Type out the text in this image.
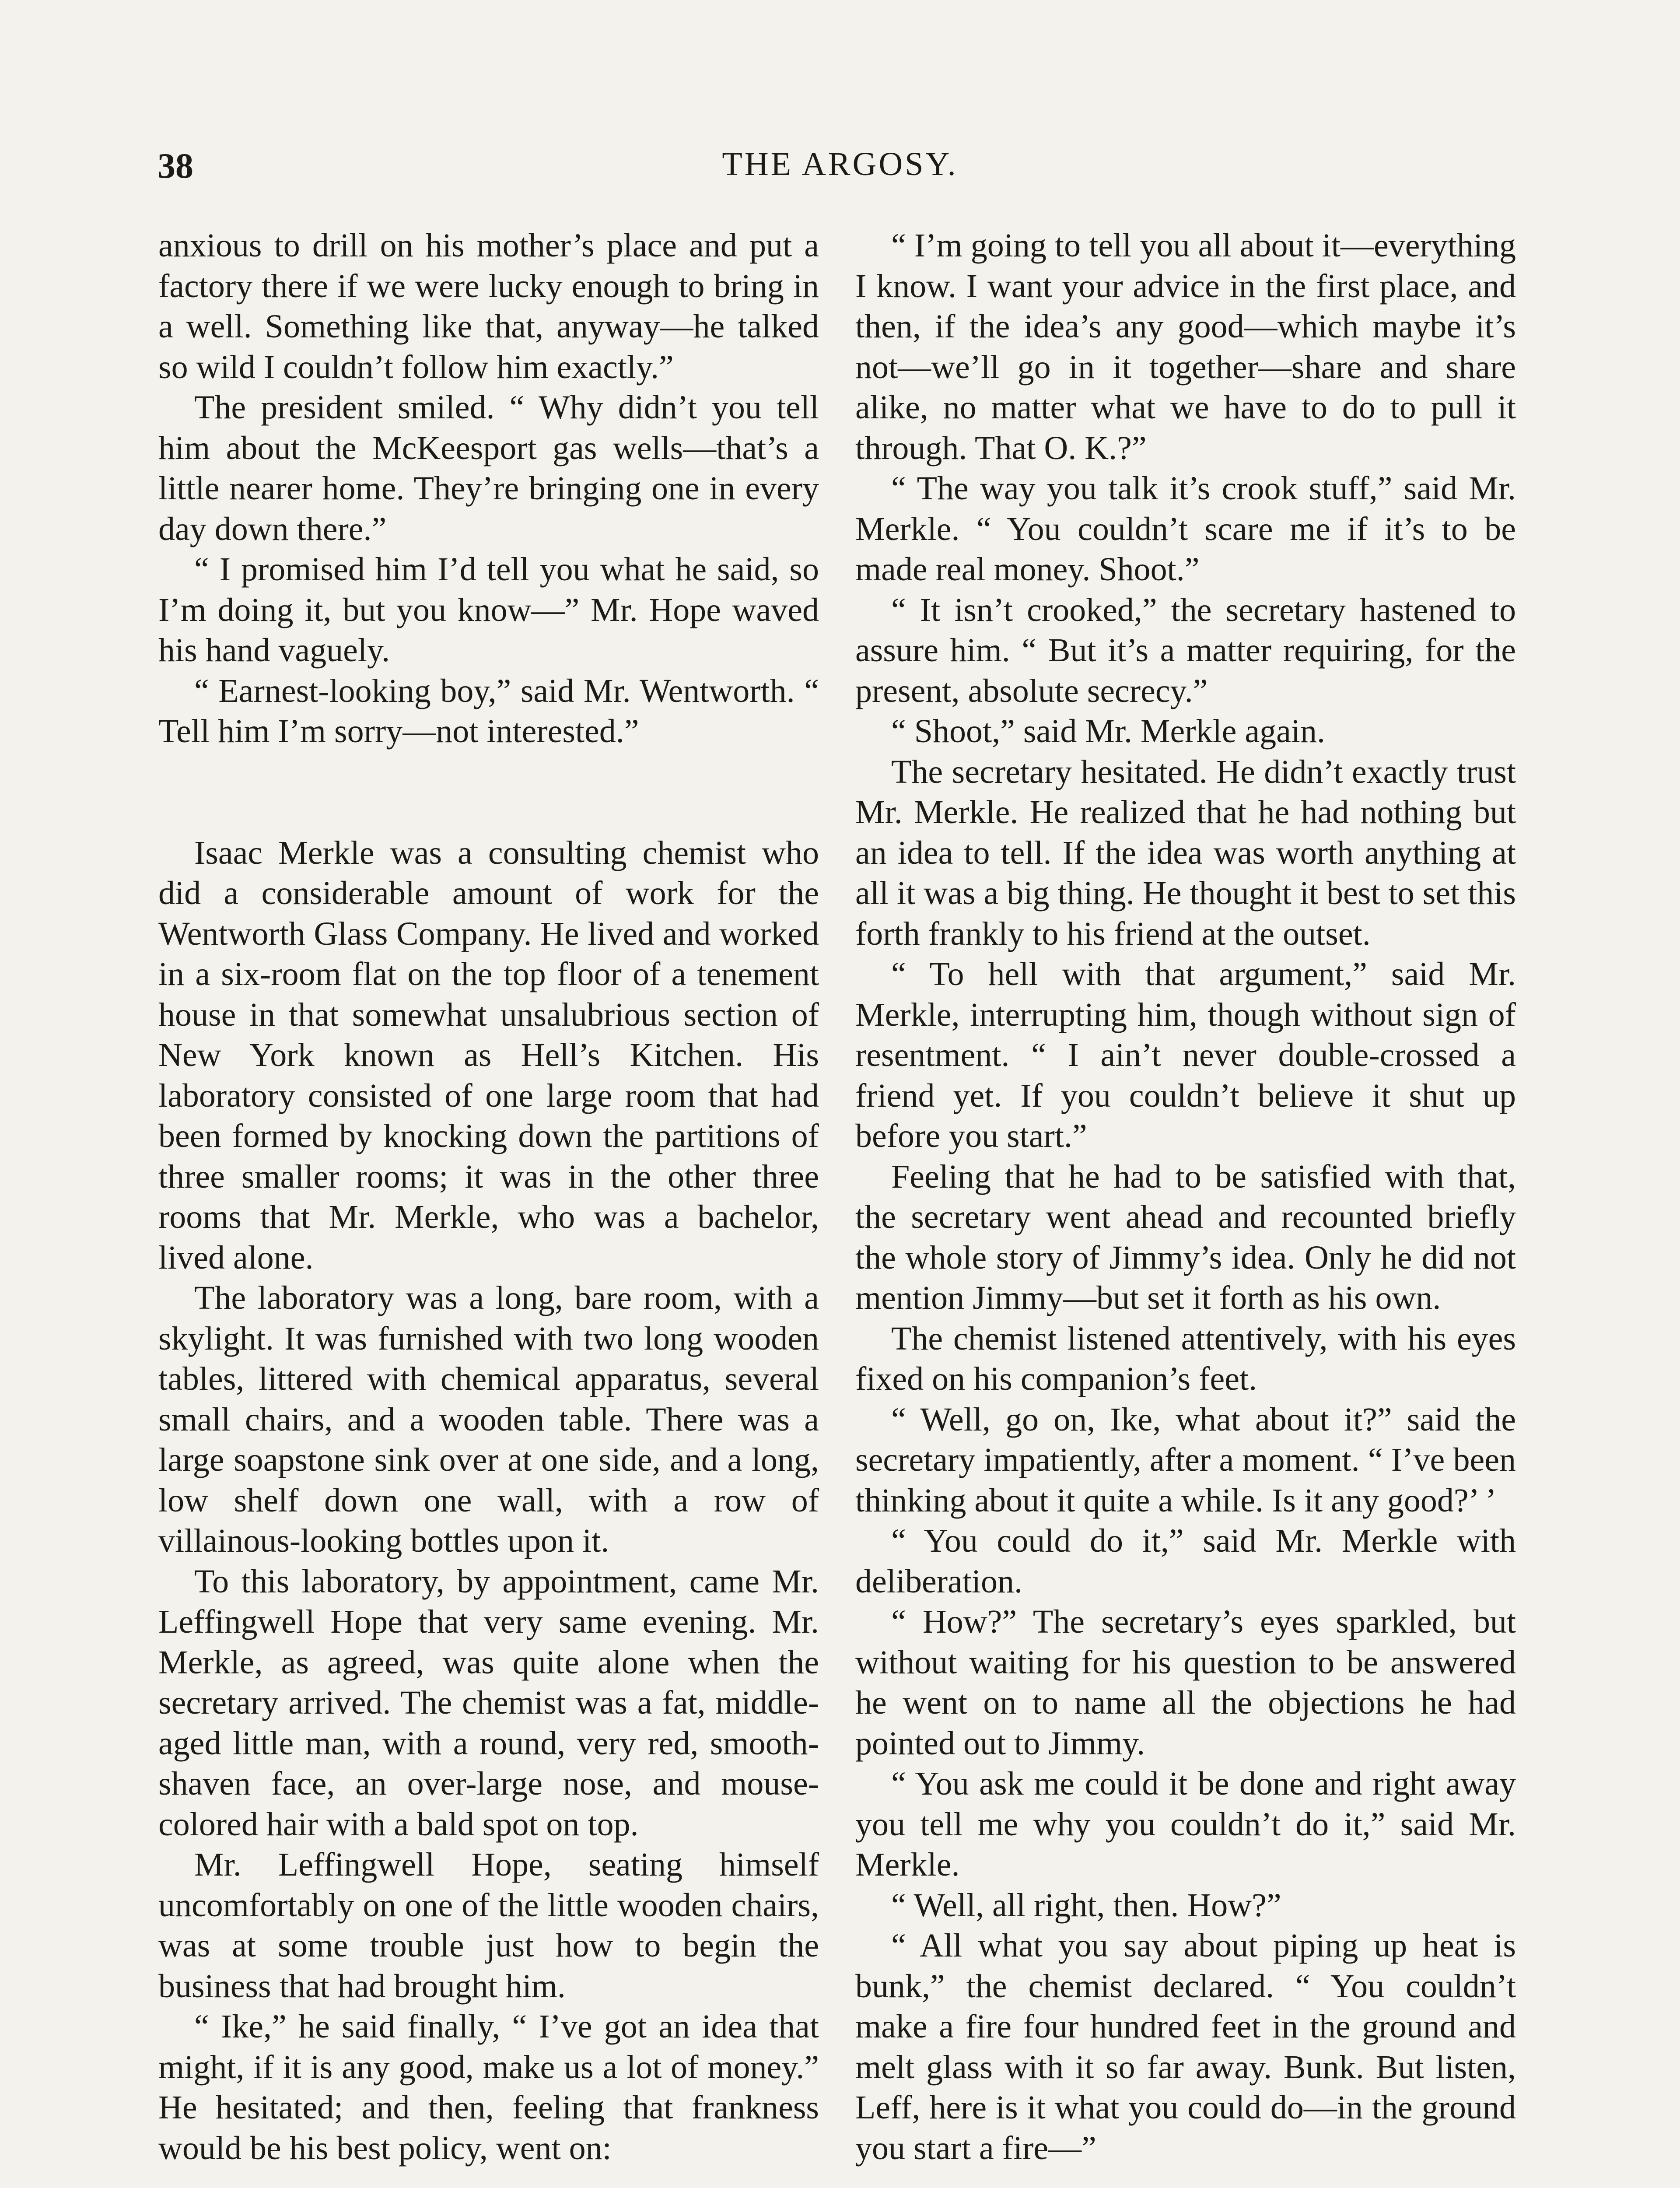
38	THE ARGOSY.

anxious to drill on his mother’s place and put a factory there if we were lucky enough to bring in a well. Something like that, anyway—he talked so wild I couldn’t follow him exactly.”

The president smiled. “ Why didn’t you tell him about the McKeesport gas wells—that’s a little nearer home. They’re bringing one in every day down there.”

“ I promised him I’d tell you what he said, so I’m doing it, but you know—” Mr. Hope waved his hand vaguely.

“ Earnest-looking boy,” said Mr. Wentworth. “ Tell him I’m sorry—not interested.”

Isaac Merkle was a consulting chemist who did a considerable amount of work for the Wentworth Glass Company. He lived and worked in a six-room flat on the top floor of a tenement house in that somewhat unsalubrious section of New York known as Hell’s Kitchen. His laboratory consisted of one large room that had been formed by knocking down the partitions of three smaller rooms; it was in the other three rooms that Mr. Merkle, who was a bachelor, lived alone.

The laboratory was a long, bare room, with a skylight. It was furnished with two long wooden tables, littered with chemical apparatus, several small chairs, and a wooden table. There was a large soapstone sink over at one side, and a long, low shelf down one wall, with a row of villainous-looking bottles upon it.

To this laboratory, by appointment, came Mr. Leffingwell Hope that very same evening. Mr. Merkle, as agreed, was quite alone when the secretary arrived. The chemist was a fat, middle-aged little man, with a round, very red, smooth-shaven face, an over-large nose, and mouse-colored hair with a bald spot on top.

Mr. Leffingwell Hope, seating himself uncomfortably on one of the little wooden chairs, was at some trouble just how to begin the business that had brought him.

“ Ike,” he said finally, “ I’ve got an idea that might, if it is any good, make us a lot of money.” He hesitated; and then, feeling that frankness would be his best policy, went on:

“ I’m going to tell you all about it—everything I know. I want your advice in the first place, and then, if the idea’s any good—which maybe it’s not—we’ll go in it together—share and share alike, no matter what we have to do to pull it through. That O. K.?”

“ The way you talk it’s crook stuff,” said Mr. Merkle. “ You couldn’t scare me if it’s to be made real money. Shoot.”

“ It isn’t crooked,” the secretary hastened to assure him. “ But it’s a matter requiring, for the present, absolute secrecy.”

“ Shoot,” said Mr. Merkle again.

The secretary hesitated. He didn’t exactly trust Mr. Merkle. He realized that he had nothing but an idea to tell. If the idea was worth anything at all it was a big thing. He thought it best to set this forth frankly to his friend at the outset.

“ To hell with that argument,” said Mr. Merkle, interrupting him, though without sign of resentment. “ I ain’t never double-crossed a friend yet. If you couldn’t believe it shut up before you start.”

Feeling that he had to be satisfied with that, the secretary went ahead and recounted briefly the whole story of Jimmy’s idea. Only he did not mention Jimmy—but set it forth as his own.

The chemist listened attentively, with his eyes fixed on his companion’s feet.

“ Well, go on, Ike, what about it?” said the secretary impatiently, after a moment. “ I’ve been thinking about it quite a while. Is it any good?’ ’

“ You could do it,” said Mr. Merkle with deliberation.

“ How?” The secretary’s eyes sparkled, but without waiting for his question to be answered he went on to name all the objections he had pointed out to Jimmy.

“ You ask me could it be done and right away you tell me why you couldn’t do it,” said Mr. Merkle.

“ Well, all right, then. How?”

“ All what you say about piping up heat is bunk,” the chemist declared. “ You couldn’t make a fire four hundred feet in the ground and melt glass with it so far away. Bunk. But listen, Leff, here is it what you could do—in the ground you start a fire—”
